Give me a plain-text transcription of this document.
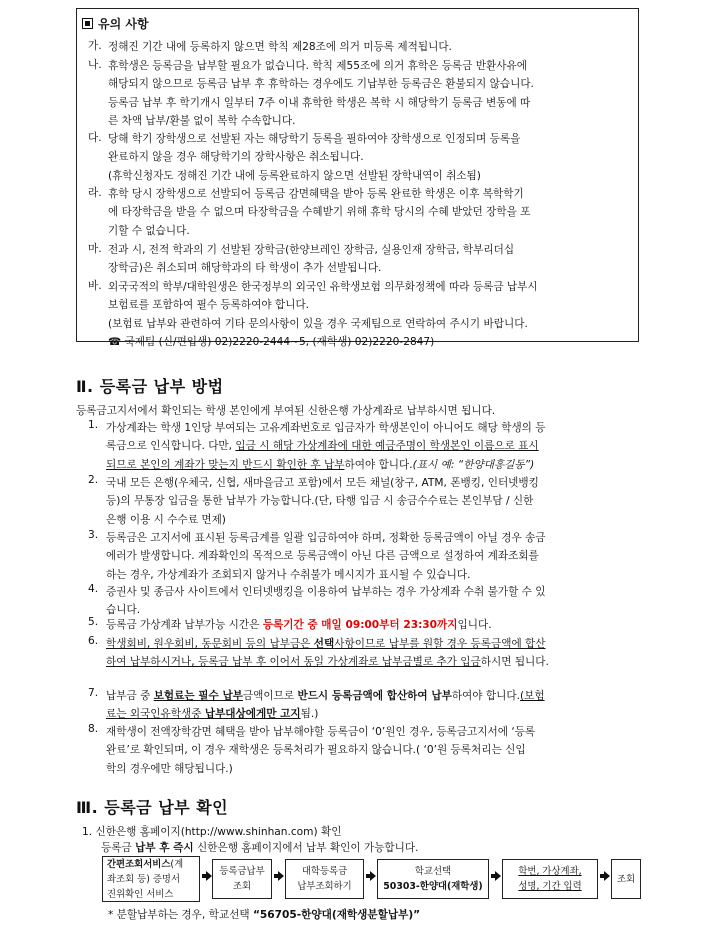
유의 사항
가. 정해진 기간 내에 등록하지 않으면 학칙 제28조에 의거 미등록 제적됩니다.
나. 휴학생은 등록금을 납부할 필요가 없습니다. 학칙 제55조에 의거 휴학은 등록금 반환사유에
해당되지 않으므로 등록금 납부 후 휴학하는 경우에도 기납부한 등록금은 환불되지 않습니다.
등록금 납부 후 학기개시 일부터 7주 이내 휴학한 학생은 복학 시 해당학기 등록금 변동에 따
른 차액 납부/환불 없이 복학 수속합니다.
다. 당해 학기 장학생으로 선발된 자는 해당학기 등록을 필하여야 장학생으로 인정되며 등록을
완료하지 않을 경우 해당학기의 장학사항은 취소됩니다.
(휴학신청자도 정해진 기간 내에 등록완료하지 않으면 선발된 장학내역이 취소됨)
라. 휴학 당시 장학생으로 선발되어 등록금 감면혜택을 받아 등록 완료한 학생은 이후 복학학기
에 타장학금을 받을 수 없으며 타장학금을 수혜받기 위해 휴학 당시의 수혜 받았던 장학을 포
기할 수 없습니다.
마. 전과 시, 전적 학과의 기 선발된 장학금(한양브레인 장학금, 실용인재 장학금, 학부리더십
장학금)은 취소되며 해당학과의 타 학생이 추가 선발됩니다.
바. 외국국적의 학부/대학원생은 한국정부의 외국인 유학생보험 의무화정책에 따라 등록금 납부시
보험료를 포함하여 필수 등록하여야 합니다.
(보험료 납부와 관련하여 기타 문의사항이 있을 경우 국제팀으로 연락하여 주시기 바랍니다.
☎ 국제팀 (신/편입생) 02)2220-2444~5, (재학생) 02)2220-2847)
Ⅱ. 등록금 납부 방법
등록금고지서에서 확인되는 학생 본인에게 부여된 신한은행 가상계좌로 납부하시면 됩니다.
1. 가상계좌는 학생 1인당 부여되는 고유계좌번호로 입금자가 학생본인이 아니어도 해당 학생의 등
록금으로 인식합니다. 다만, 입금 시 해당 가상계좌에 대한 예금주명이 학생본인 이름으로 표시
되므로 본인의 계좌가 맞는지 반드시 확인한 후 납부하여야 합니다.(표시 예: “한양대홍길동”)
2. 국내 모든 은행(우체국, 신협, 새마을금고 포함)에서 모든 채널(창구, ATM, 폰뱅킹, 인터넷뱅킹
등)의 무통장 입금을 통한 납부가 가능합니다.(단, 타행 입금 시 송금수수료는 본인부담 / 신한
은행 이용 시 수수료 면제)
3. 등록금은 고지서에 표시된 등록금계를 일괄 입금하여야 하며, 정확한 등록금액이 아닐 경우 송금
에러가 발생합니다. 계좌확인의 목적으로 등록금액이 아닌 다른 금액으로 설정하여 계좌조회를
하는 경우, 가상계좌가 조회되지 않거나 수취불가 메시지가 표시될 수 있습니다.
4. 증권사 및 종금사 사이트에서 인터넷뱅킹을 이용하여 납부하는 경우 가상계좌 수취 불가할 수 있
습니다.
5. 등록금 가상계좌 납부가능 시간은 등록기간 중 매일 09:00부터 23:30까지입니다.
6. 학생회비, 원우회비, 동문회비 등의 납부금은 선택사항이므로 납부를 원할 경우 등록금액에 합산
하여 납부하시거나, 등록금 납부 후 이어서 동일 가상계좌로 납부금별로 추가 입금하시면 됩니다.
7. 납부금 중 보험료는 필수 납부금액이므로 반드시 등록금액에 합산하여 납부하여야 합니다.(보험
료는 외국인유학생중 납부대상에게만 고지됨.)
8. 재학생이 전액장학감면 혜택을 받아 납부해야할 등록금이 ‘0’원인 경우, 등록금고지서에 ‘등록
완료’로 확인되며, 이 경우 재학생은 등록처리가 필요하지 않습니다.( ‘0’원 등록처리는 신입
학의 경우에만 해당됩니다.)
Ⅲ. 등록금 납부 확인
1. 신한은행 홈페이지(http://www.shinhan.com) 확인
등록금 납부 후 즉시 신한은행 홈페이지에서 납부 확인이 가능합니다.
간편조회서비스(계
좌조회 등) 증명서
진위확인 서비스
등록금납부
조회
대학등록금
납부조회하기
학교선택
50303-한양대(재학생)
학번, 가상계좌,
성명, 기간 입력
조회
* 분할납부하는 경우, 학교선택 “56705-한양대(재학생분할납부)”
